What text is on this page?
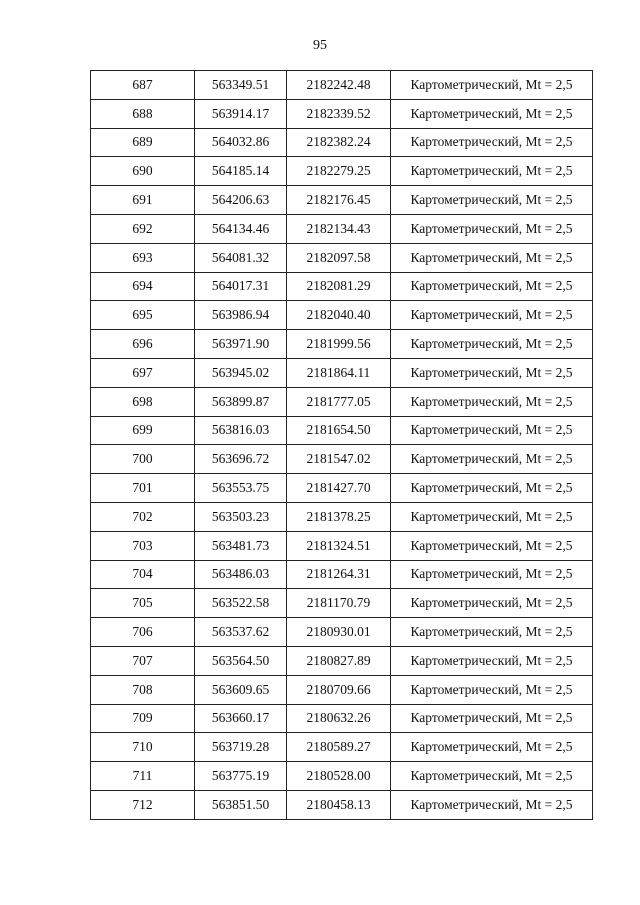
95
687	563349.51	2182242.48	Картометрический, Mt = 2,5
688	563914.17	2182339.52	Картометрический, Mt = 2,5
689	564032.86	2182382.24	Картометрический, Mt = 2,5
690	564185.14	2182279.25	Картометрический, Mt = 2,5
691	564206.63	2182176.45	Картометрический, Mt = 2,5
692	564134.46	2182134.43	Картометрический, Mt = 2,5
693	564081.32	2182097.58	Картометрический, Mt = 2,5
694	564017.31	2182081.29	Картометрический, Mt = 2,5
695	563986.94	2182040.40	Картометрический, Mt = 2,5
696	563971.90	2181999.56	Картометрический, Mt = 2,5
697	563945.02	2181864.11	Картометрический, Mt = 2,5
698	563899.87	2181777.05	Картометрический, Mt = 2,5
699	563816.03	2181654.50	Картометрический, Mt = 2,5
700	563696.72	2181547.02	Картометрический, Mt = 2,5
701	563553.75	2181427.70	Картометрический, Mt = 2,5
702	563503.23	2181378.25	Картометрический, Mt = 2,5
703	563481.73	2181324.51	Картометрический, Mt = 2,5
704	563486.03	2181264.31	Картометрический, Mt = 2,5
705	563522.58	2181170.79	Картометрический, Mt = 2,5
706	563537.62	2180930.01	Картометрический, Mt = 2,5
707	563564.50	2180827.89	Картометрический, Mt = 2,5
708	563609.65	2180709.66	Картометрический, Mt = 2,5
709	563660.17	2180632.26	Картометрический, Mt = 2,5
710	563719.28	2180589.27	Картометрический, Mt = 2,5
711	563775.19	2180528.00	Картометрический, Mt = 2,5
712	563851.50	2180458.13	Картометрический, Mt = 2,5
